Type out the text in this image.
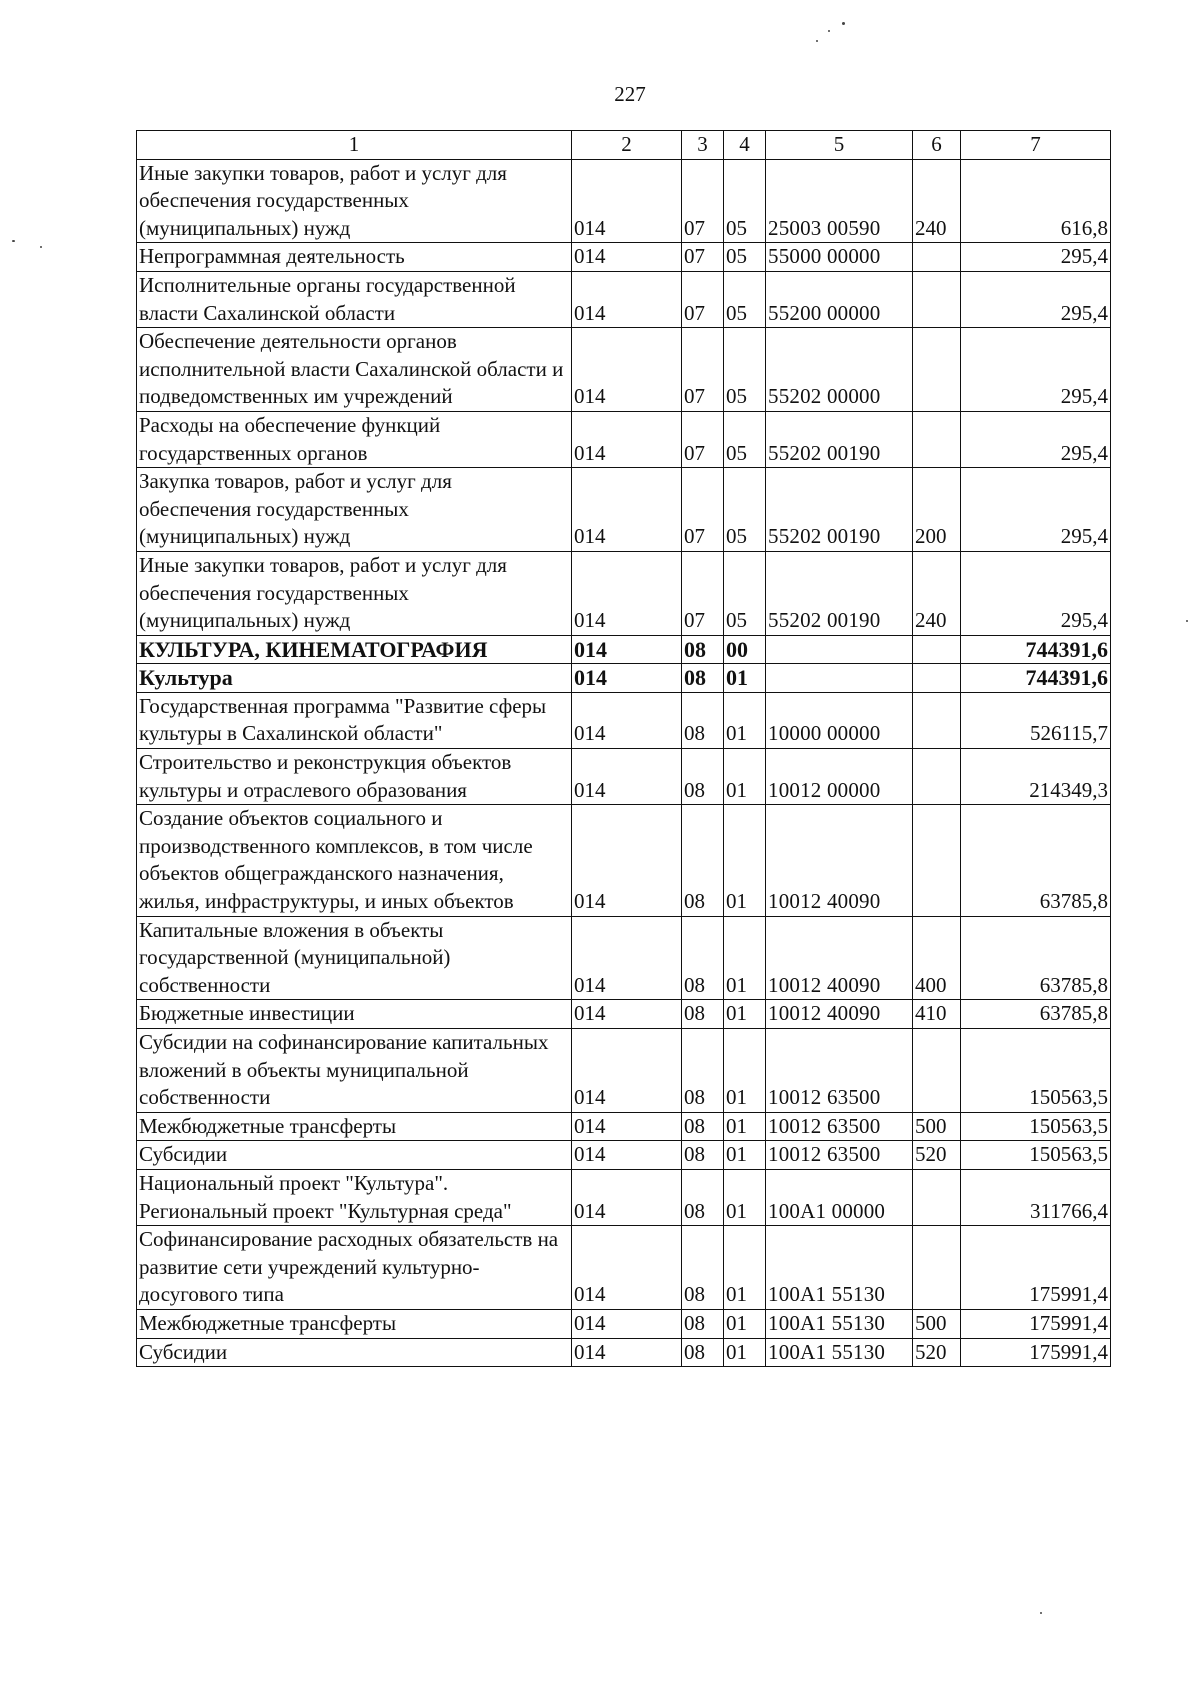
227
1	2	3	4	5	6	7
Иные закупки товаров, работ и услуг для обеспечения государственных (муниципальных) нужд	014	07	05	25003 00590	240	616,8
Непрограммная деятельность	014	07	05	55000 00000		295,4
Исполнительные органы государственной власти Сахалинской области	014	07	05	55200 00000		295,4
Обеспечение деятельности органов исполнительной власти Сахалинской области и подведомственных им учреждений	014	07	05	55202 00000		295,4
Расходы на обеспечение функций государственных органов	014	07	05	55202 00190		295,4
Закупка товаров, работ и услуг для обеспечения государственных (муниципальных) нужд	014	07	05	55202 00190	200	295,4
Иные закупки товаров, работ и услуг для обеспечения государственных (муниципальных) нужд	014	07	05	55202 00190	240	295,4
КУЛЬТУРА, КИНЕМАТОГРАФИЯ	014	08	00			744391,6
Культура	014	08	01			744391,6
Государственная программа "Развитие сферы культуры в Сахалинской области"	014	08	01	10000 00000		526115,7
Строительство и реконструкция объектов культуры и отраслевого образования	014	08	01	10012 00000		214349,3
Создание объектов социального и производственного комплексов, в том числе объектов общегражданского назначения, жилья, инфраструктуры, и иных объектов	014	08	01	10012 40090		63785,8
Капитальные вложения в объекты государственной (муниципальной) собственности	014	08	01	10012 40090	400	63785,8
Бюджетные инвестиции	014	08	01	10012 40090	410	63785,8
Субсидии на софинансирование капитальных вложений в объекты муниципальной собственности	014	08	01	10012 63500		150563,5
Межбюджетные трансферты	014	08	01	10012 63500	500	150563,5
Субсидии	014	08	01	10012 63500	520	150563,5
Национальный проект "Культура". Региональный проект "Культурная среда"	014	08	01	100A1 00000		311766,4
Софинансирование расходных обязательств на развитие сети учреждений культурно-досугового типа	014	08	01	100A1 55130		175991,4
Межбюджетные трансферты	014	08	01	100A1 55130	500	175991,4
Субсидии	014	08	01	100A1 55130	520	175991,4
